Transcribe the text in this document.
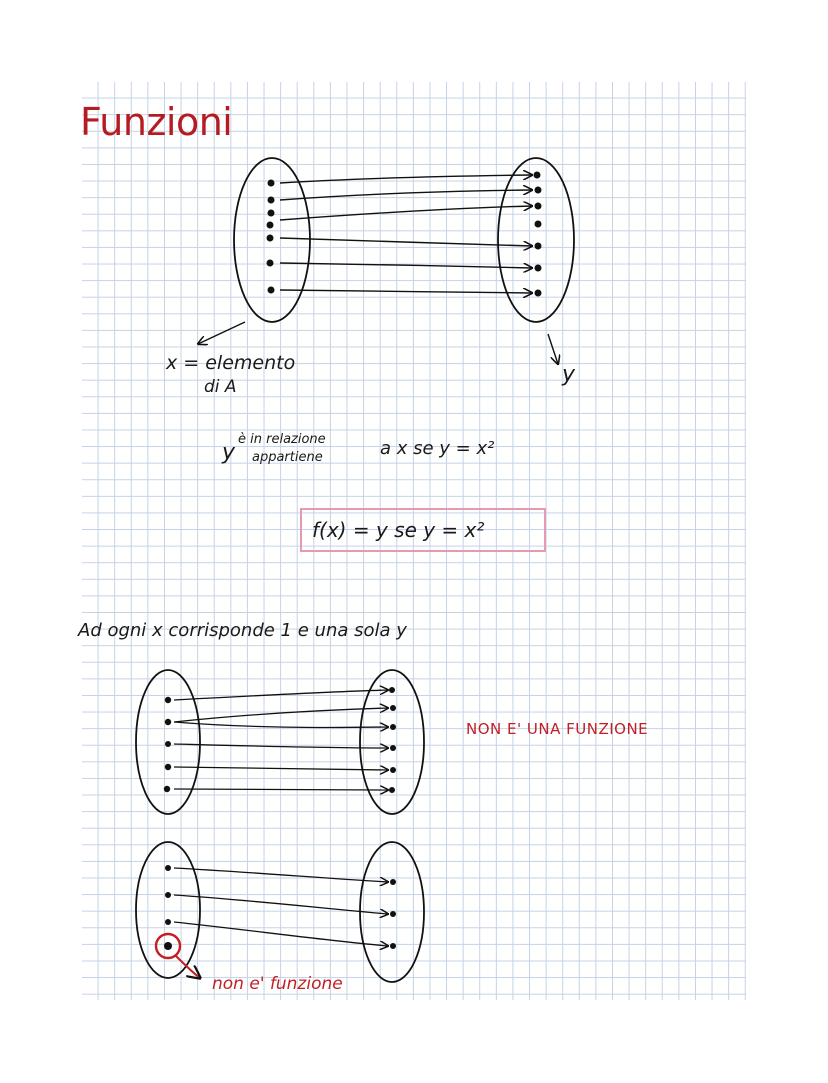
Funzioni
x = elemento
di A	y
y
è in relazione
appartiene	a x se y = x²
f(x) = y se y = x²
Ad ogni x corrisponde 1 e una sola y
NON E' UNA FUNZIONE
non e' funzione
